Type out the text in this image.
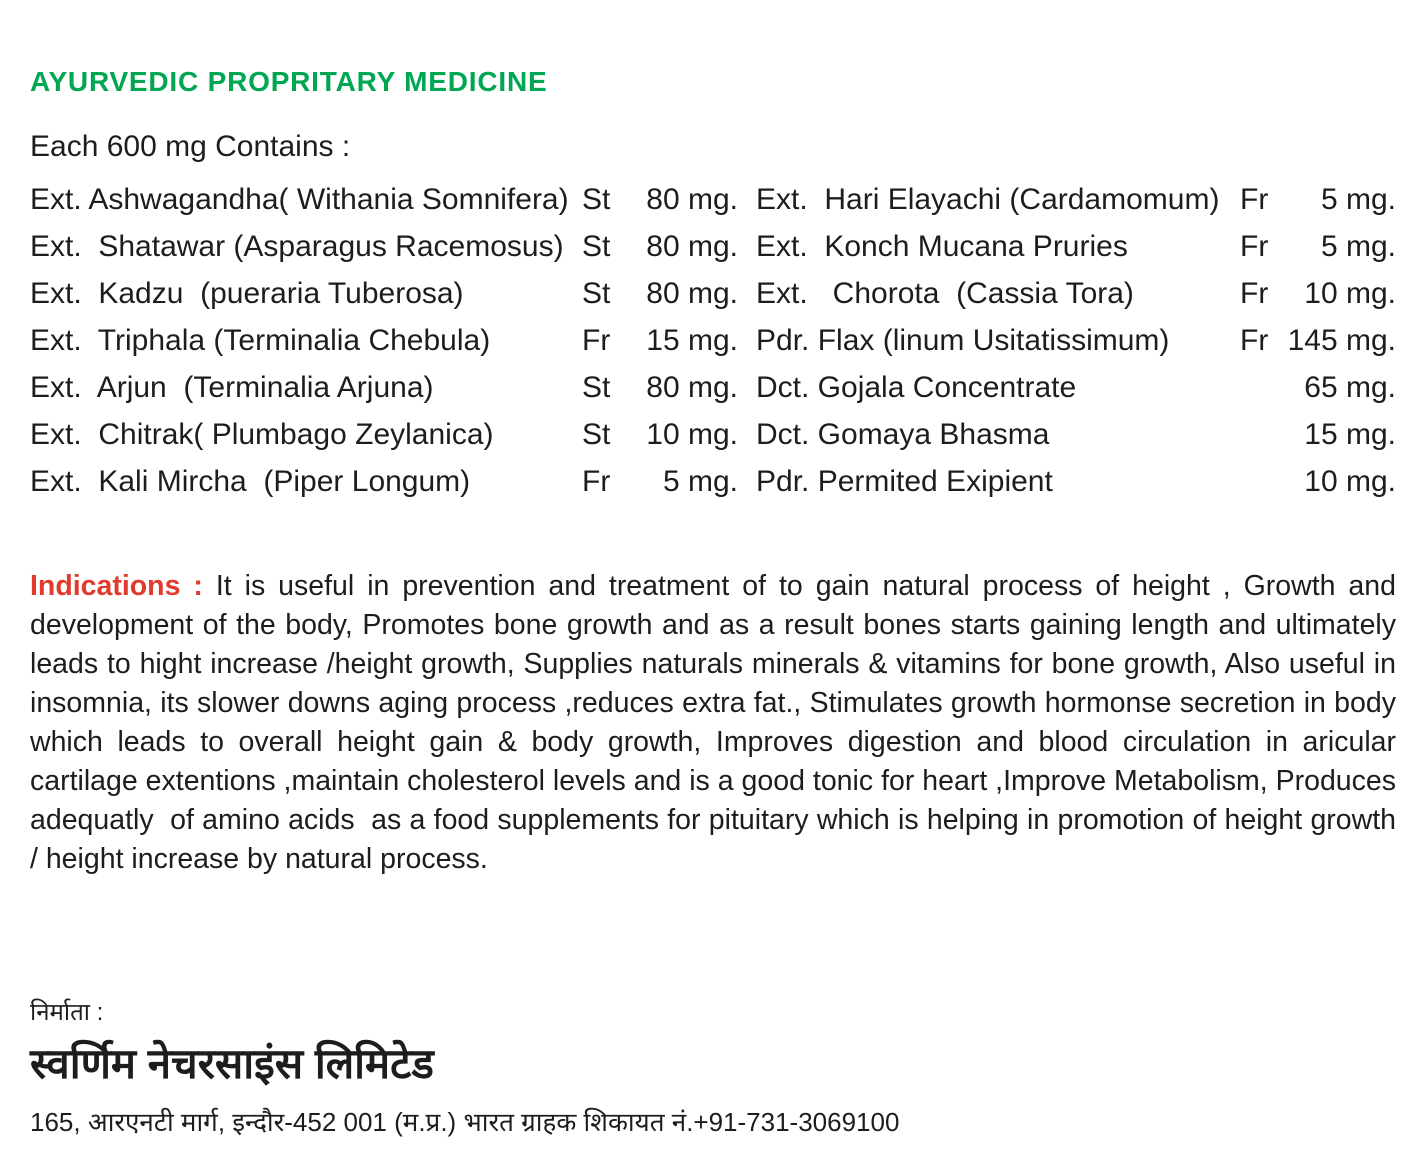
AYURVEDIC PROPRITARY MEDICINE
Each 600 mg Contains :
Ext. Ashwagandha( Withania Somnifera) St	80 mg.
Ext.  Shatawar (Asparagus Racemosus) St	80 mg.
Ext.  Kadzu  (pueraria Tuberosa)	St	80 mg.
Ext.  Triphala (Terminalia Chebula)	Fr	15 mg.
Ext.  Arjun  (Terminalia Arjuna)	St	80 mg.
Ext.  Chitrak( Plumbago Zeylanica)	St	10 mg.
Ext.  Kali Mircha  (Piper Longum)	Fr	5 mg.
Ext.  Hari Elayachi (Cardamomum) Fr	5 mg.
Ext.  Konch Mucana Pruries	Fr	5 mg.
Ext.   Chorota  (Cassia Tora)	Fr	10 mg.
Pdr. Flax (linum Usitatissimum)	Fr 145 mg.
Dct. Gojala Concentrate	65 mg.
Dct. Gomaya Bhasma	15 mg.
Pdr. Permited Exipient	10 mg.

Indications : It is useful in prevention and treatment of to gain natural process of height , Growth and development of the body, Promotes bone growth and as a result bones starts gaining length and ultimately leads to hight increase /height growth, Supplies naturals minerals & vitamins for bone growth, Also useful in insomnia, its slower downs aging process ,reduces extra fat., Stimulates growth hormonse secretion in body which leads to overall height gain & body growth, Improves digestion and blood circulation in aricular cartilage extentions ,maintain cholesterol levels and is a good tonic for heart ,Improve Metabolism, Produces adequatly  of amino acids  as a food supplements for pituitary which is helping in promotion of height growth / height increase by natural process.

निर्माता :
स्वर्णिम नेचरसाइंस लिमिटेड
165, आरएनटी मार्ग, इन्दौर-452 001 (म.प्र.) भारत ग्राहक शिकायत नं.+91-731-3069100
